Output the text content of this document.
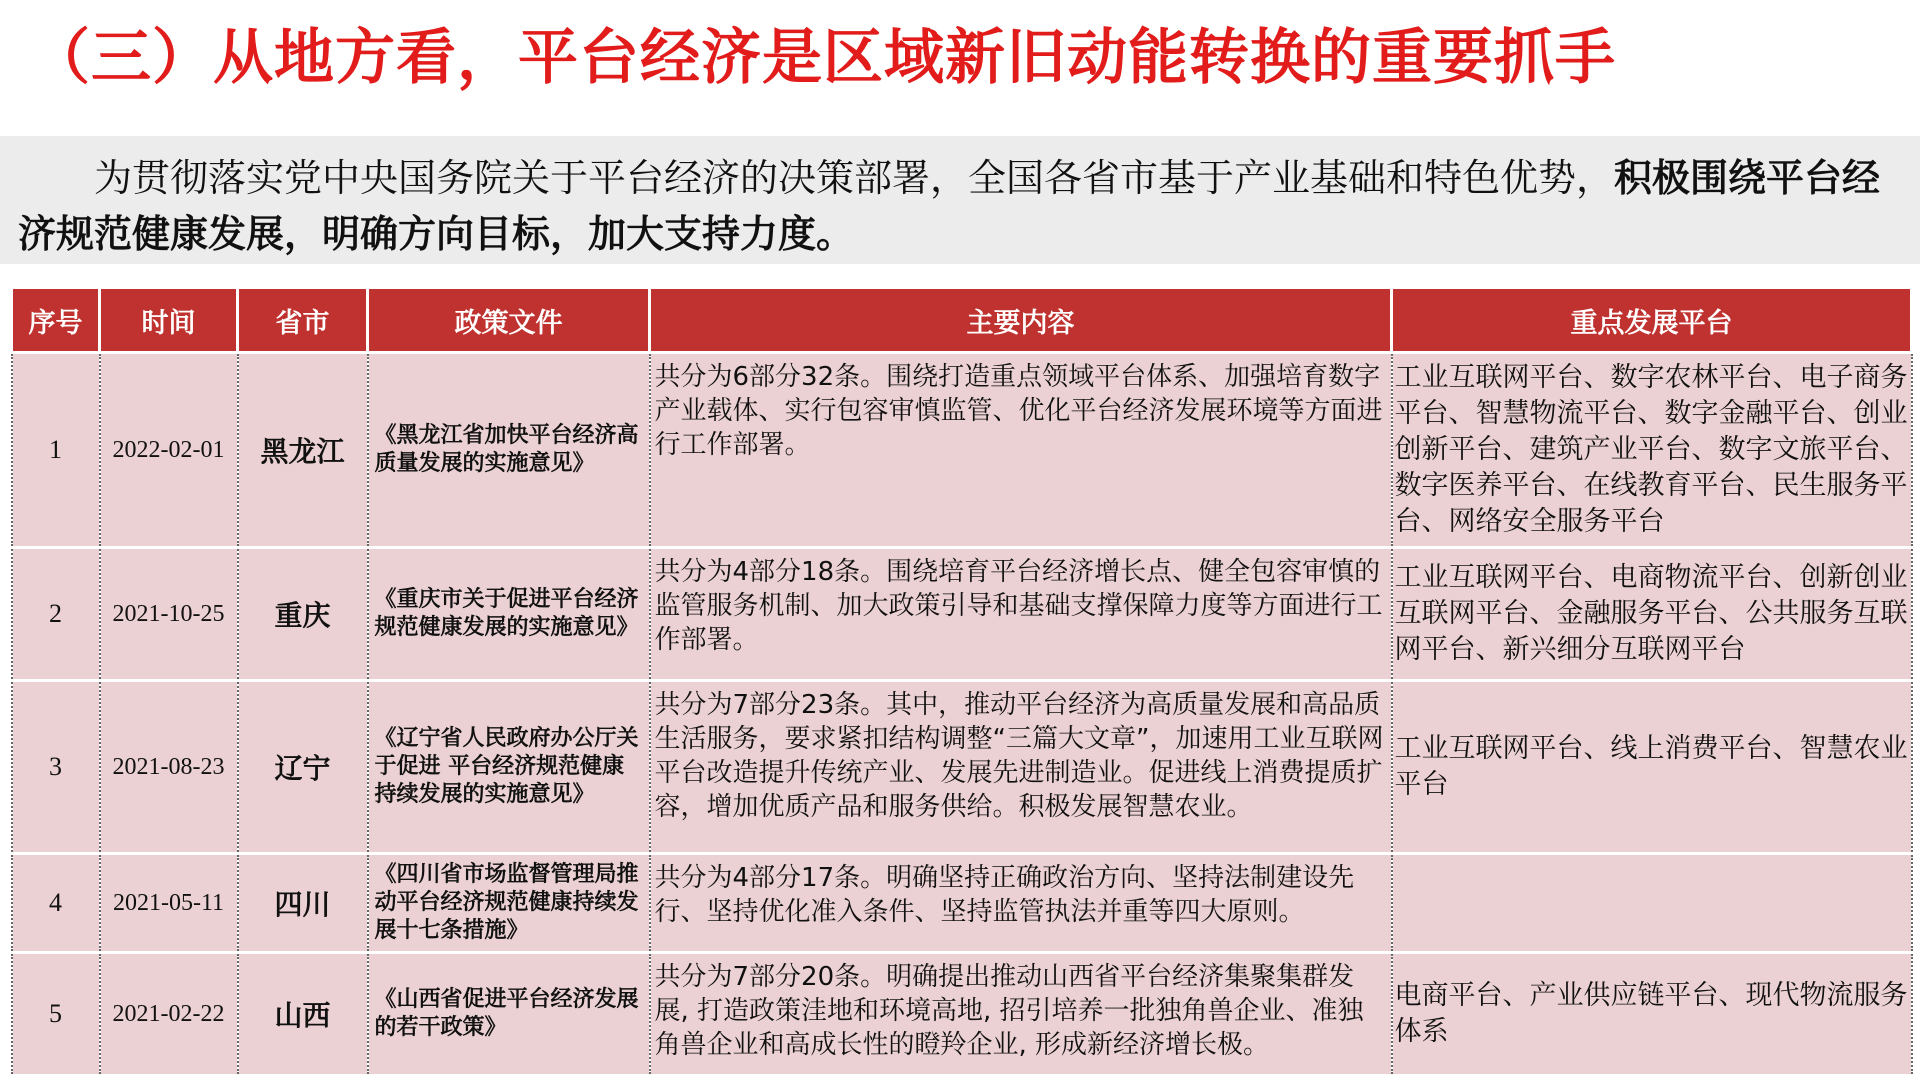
（三）从地方看，平台经济是区域新旧动能转换的重要抓手
为贯彻落实党中央国务院关于平台经济的决策部署，全国各省市基于产业基础和特色优势，积极围绕平台经济规范健康发展，明确方向目标，加大支持力度。
序号	时间	省市	政策文件	主要内容	重点发展平台
1	2022-02-01	黑龙江	《黑龙江省加快平台经济高质量发展的实施意见》	共分为6部分32条。围绕打造重点领域平台体系、加强培育数字产业载体、实行包容审慎监管、优化平台经济发展环境等方面进行工作部署。	工业互联网平台、数字农林平台、电子商务平台、智慧物流平台、数字金融平台、创业创新平台、建筑产业平台、数字文旅平台、数字医养平台、在线教育平台、民生服务平台、网络安全服务平台
2	2021-10-25	重庆	《重庆市关于促进平台经济规范健康发展的实施意见》	共分为4部分18条。围绕培育平台经济增长点、健全包容审慎的监管服务机制、加大政策引导和基础支撑保障力度等方面进行工作部署。	工业互联网平台、电商物流平台、创新创业互联网平台、金融服务平台、公共服务互联网平台、新兴细分互联网平台
3	2021-08-23	辽宁	《辽宁省人民政府办公厅关于促进 平台经济规范健康持续发展的实施意见》	共分为7部分23条。其中，推动平台经济为高质量发展和高品质生活服务，要求紧扣结构调整“三篇大文章”，加速用工业互联网平台改造提升传统产业、发展先进制造业。促进线上消费提质扩容，增加优质产品和服务供给。积极发展智慧农业。	工业互联网平台、线上消费平台、智慧农业平台
4	2021-05-11	四川	《四川省市场监督管理局推动平台经济规范健康持续发展十七条措施》	共分为4部分17条。明确坚持正确政治方向、坚持法制建设先行、坚持优化准入条件、坚持监管执法并重等四大原则。	
5	2021-02-22	山西	《山西省促进平台经济发展的若干政策》	共分为7部分20条。明确提出推动山西省平台经济集聚集群发展, 打造政策洼地和环境高地, 招引培养一批独角兽企业、准独角兽企业和高成长性的瞪羚企业, 形成新经济增长极。	电商平台、产业供应链平台、现代物流服务体系
